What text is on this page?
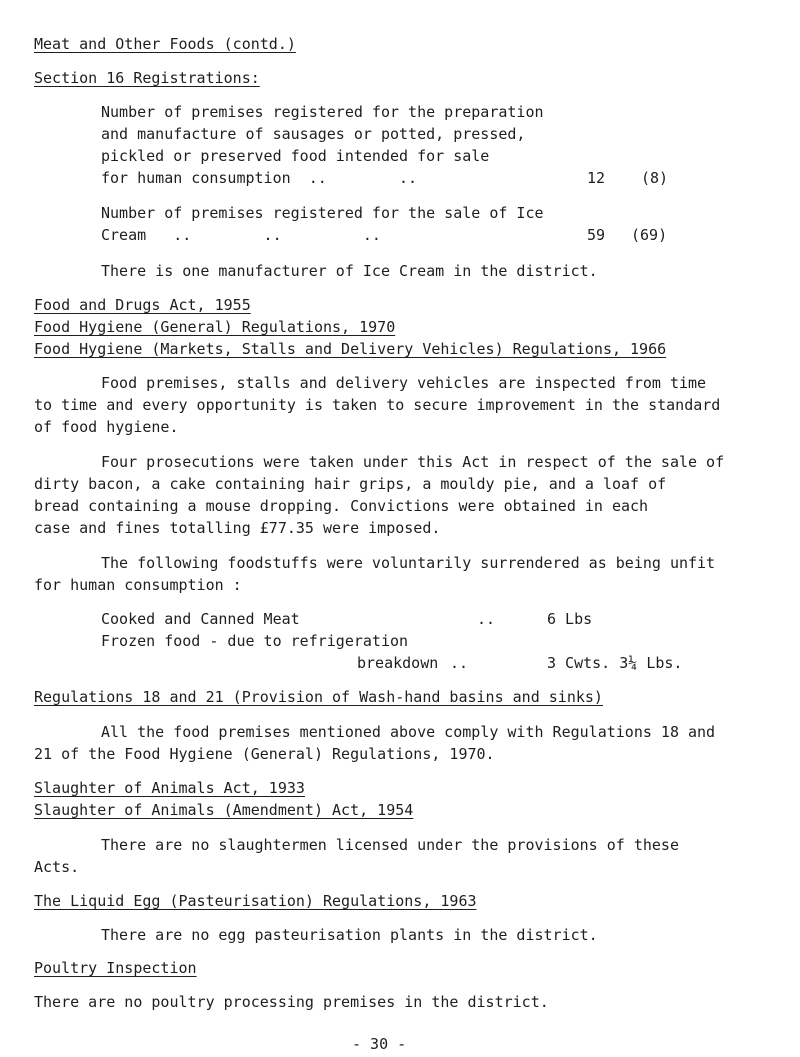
Meat and Other Foods (contd.)
Section 16 Registrations:
Number of premises registered for the preparation
and manufacture of sausages or potted, pressed,
pickled or preserved food intended for sale
for human consumption  ..        ..	12 (8)
Number of premises registered for the sale of Ice
Cream   ..        ..         ..	59 (69)
There is one manufacturer of Ice Cream in the district.
Food and Drugs Act, 1955
Food Hygiene (General) Regulations, 1970
Food Hygiene (Markets, Stalls and Delivery Vehicles) Regulations, 1966
Food premises, stalls and delivery vehicles are inspected from time
to time and every opportunity is taken to secure improvement in the standard
of food hygiene.
Four prosecutions were taken under this Act in respect of the sale of
dirty bacon, a cake containing hair grips, a mouldy pie, and a loaf of
bread containing a mouse dropping. Convictions were obtained in each
case and fines totalling £77.35 were imposed.
The following foodstuffs were voluntarily surrendered as being unfit
for human consumption :
Cooked and Canned Meat	..	6 Lbs
Frozen food - due to refrigeration
breakdown ..	3 Cwts. 3¼ Lbs.
Regulations 18 and 21 (Provision of Wash-hand basins and sinks)
All the food premises mentioned above comply with Regulations 18 and
21 of the Food Hygiene (General) Regulations, 1970.
Slaughter of Animals Act, 1933
Slaughter of Animals (Amendment) Act, 1954
There are no slaughtermen licensed under the provisions of these
Acts.
The Liquid Egg (Pasteurisation) Regulations, 1963
There are no egg pasteurisation plants in the district.
Poultry Inspection
There are no poultry processing premises in the district.
- 30 -
